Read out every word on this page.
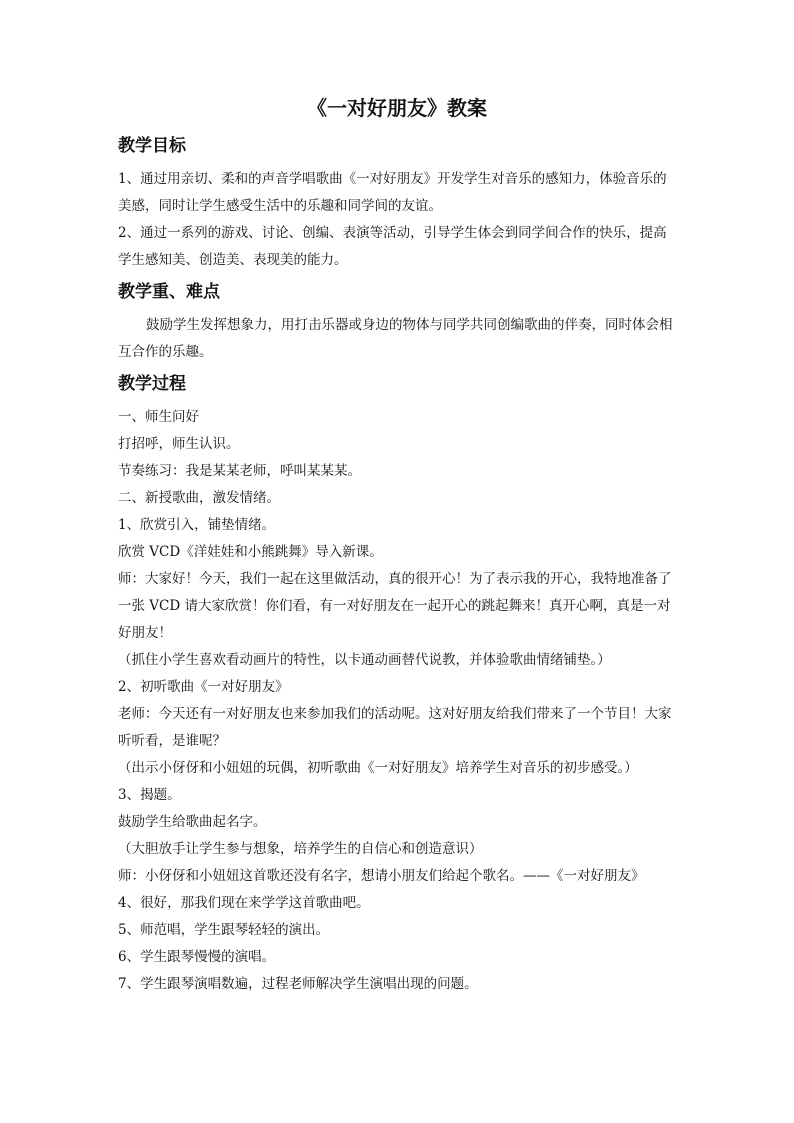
《一对好朋友》教案
教学目标

1、通过用亲切、柔和的声音学唱歌曲《一对好朋友》开发学生对音乐的感知力，体验音乐的美感，同时让学生感受生活中的乐趣和同学间的友谊。

2、通过一系列的游戏、讨论、创编、表演等活动，引导学生体会到同学间合作的快乐，提高学生感知美、创造美、表现美的能力。

教学重、难点

鼓励学生发挥想象力，用打击乐器或身边的物体与同学共同创编歌曲的伴奏，同时体会相互合作的乐趣。

教学过程

一、师生问好

打招呼，师生认识。

节奏练习：我是某某老师，呼叫某某某。

二、新授歌曲，激发情绪。

1、欣赏引入，铺垫情绪。

欣赏 VCD《洋娃娃和小熊跳舞》导入新课。

师：大家好！今天，我们一起在这里做活动，真的很开心！为了表示我的开心，我特地准备了一张 VCD 请大家欣赏！你们看，有一对好朋友在一起开心的跳起舞来！真开心啊，真是一对好朋友！

（抓住小学生喜欢看动画片的特性，以卡通动画替代说教，并体验歌曲情绪铺垫。）

2、初听歌曲《一对好朋友》

老师：今天还有一对好朋友也来参加我们的活动呢。这对好朋友给我们带来了一个节目！大家听听看，是谁呢？

（出示小伢伢和小妞妞的玩偶，初听歌曲《一对好朋友》培养学生对音乐的初步感受。）

3、揭题。

鼓励学生给歌曲起名字。

（大胆放手让学生参与想象，培养学生的自信心和创造意识）

师：小伢伢和小妞妞这首歌还没有名字，想请小朋友们给起个歌名。——《一对好朋友》

4、很好，那我们现在来学学这首歌曲吧。

5、师范唱，学生跟琴轻轻的演出。

6、学生跟琴慢慢的演唱。

7、学生跟琴演唱数遍，过程老师解决学生演唱出现的问题。
